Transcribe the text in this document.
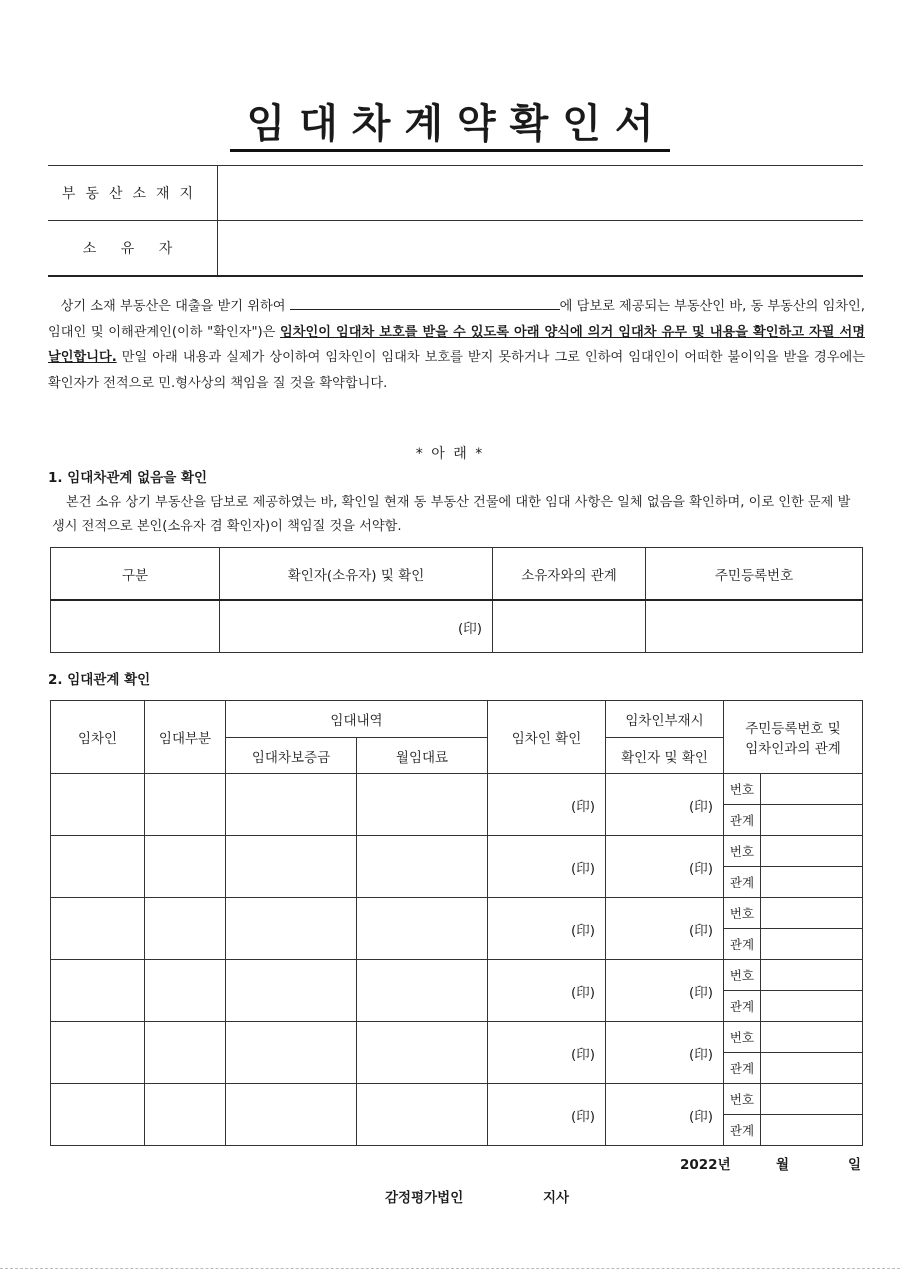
임대차계약확인서
부동산소재지	
소 유 자	
상기 소재 부동산은 대출을 받기 위하여	에 담보로 제공되는 부동산인 바, 동 부동산의 임차인, 임대인 및 이해관계인(이하 "확인자")은 임차인이 임대차 보호를 받을 수 있도록 아래 양식에 의거 임대차 유무 및 내용을 확인하고 자필 서명 날인합니다. 만일 아래 내용과 실제가 상이하여 임차인이 임대차 보호를 받지 못하거나 그로 인하여 임대인이 어떠한 불이익을 받을 경우에는 확인자가 전적으로 민.형사상의 책임을 질 것을 확약합니다.
* 아 래 *
1. 임대차관계 없음을 확인
본건 소유 상기 부동산을 담보로 제공하였는 바, 확인일 현재 동 부동산 건물에 대한 임대 사항은 일체 없음을 확인하며, 이로 인한 문제 발생시 전적으로 본인(소유자 겸 확인자)이 책임질 것을 서약함.
구분	확인자(소유자) 및 확인	소유자와의 관계	주민등록번호
	(印)		
2. 임대관계 확인
임차인	임대부분	임대내역		임차인 확인	임차인부재시	주민등록번호 및
임차인과의 관계	

		임대차보증금	월임대료		확인자 및 확인		
				(印)	(印)	번호	
						관계	
				(印)	(印)	번호	
						관계	
				(印)	(印)	번호	
						관계	
				(印)	(印)	번호	
						관계	
				(印)	(印)	번호	
						관계	
				(印)	(印)	번호	
						관계	
2022년	월	일
감정평가법인	지사
